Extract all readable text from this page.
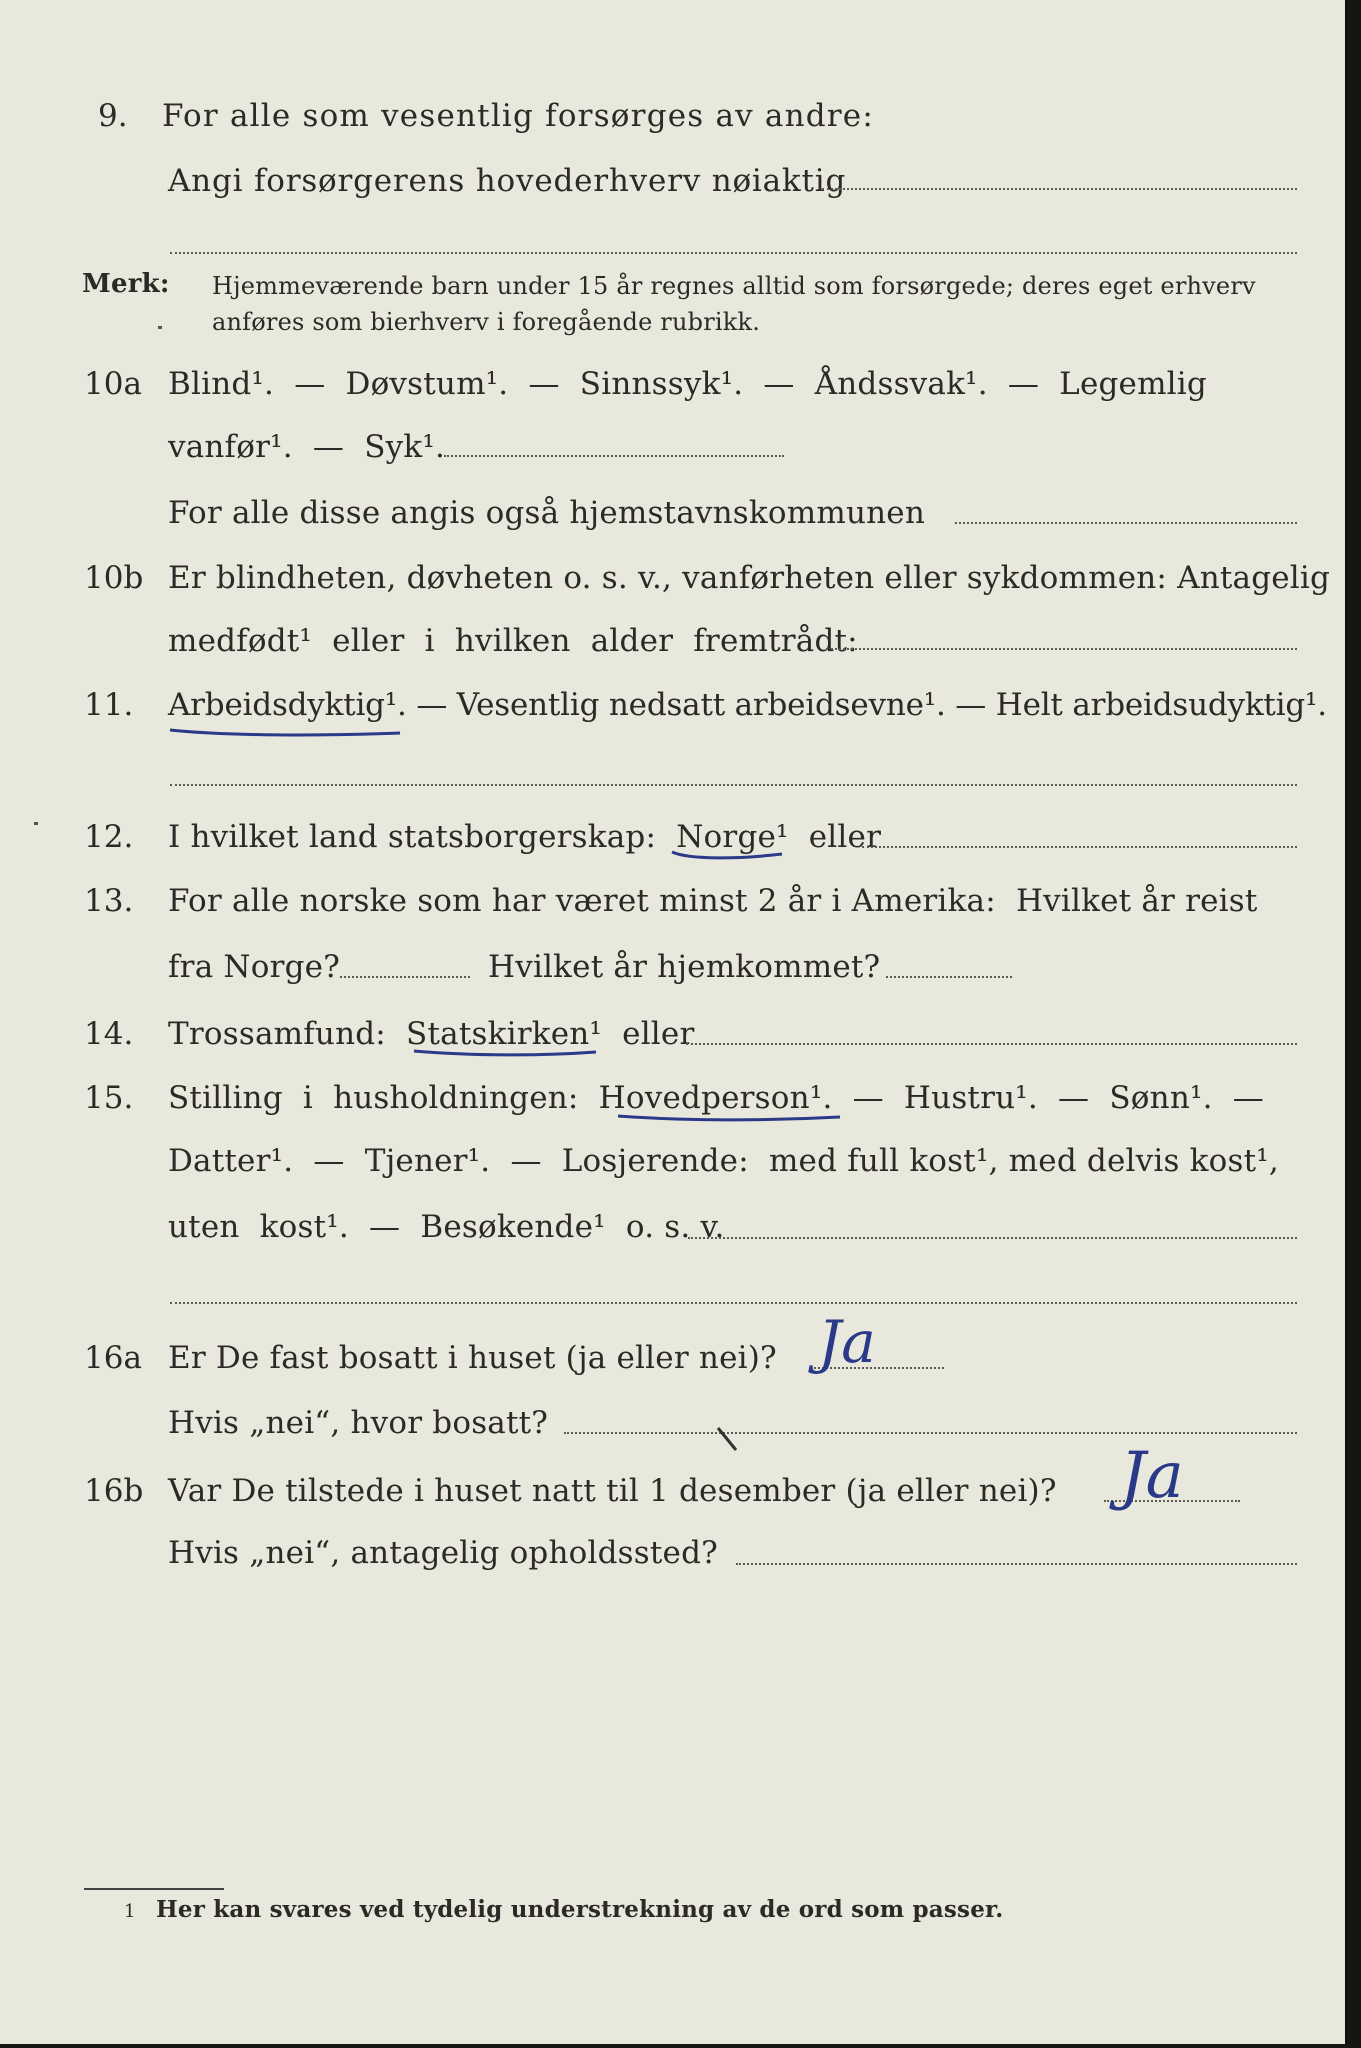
9. For alle som vesentlig forsørges av andre:
Angi forsørgerens hovederhverv nøiaktig
Merk: Hjemmeværende barn under 15 år regnes alltid som forsørgede; deres eget erhverv
anføres som bierhverv i foregående rubrikk.
10a Blind¹.  —  Døvstum¹.  —  Sinnssyk¹.  —  Åndssvak¹.  —  Legemlig
vanfør¹.  —  Syk¹.
For alle disse angis også hjemstavnskommunen
10b Er blindheten, døvheten o. s. v., vanførheten eller sykdommen: Antagelig
medfødt¹  eller  i  hvilken  alder  fremtrådt:
11. Arbeidsdyktig¹. — Vesentlig nedsatt arbeidsevne¹. — Helt arbeidsudyktig¹.
12. I hvilket land statsborgerskap:  Norge¹  eller
13. For alle norske som har været minst 2 år i Amerika:  Hvilket år reist
fra Norge?	Hvilket år hjemkommet?
14. Trossamfund:  Statskirken¹  eller
15. Stilling  i  husholdningen:  Hovedperson¹.  —  Hustru¹.  —  Sønn¹.  —
Datter¹.  —  Tjener¹.  —  Losjerende:  med full kost¹, med delvis kost¹,
uten  kost¹.  —  Besøkende¹  o. s. v.
16a Er De fast bosatt i huset (ja eller nei)? Ja
Hvis „nei“, hvor bosatt?
16b Var De tilstede i huset natt til 1 desember (ja eller nei)? Ja
Hvis „nei“, antagelig opholdssted?
1 Her kan svares ved tydelig understrekning av de ord som passer.
